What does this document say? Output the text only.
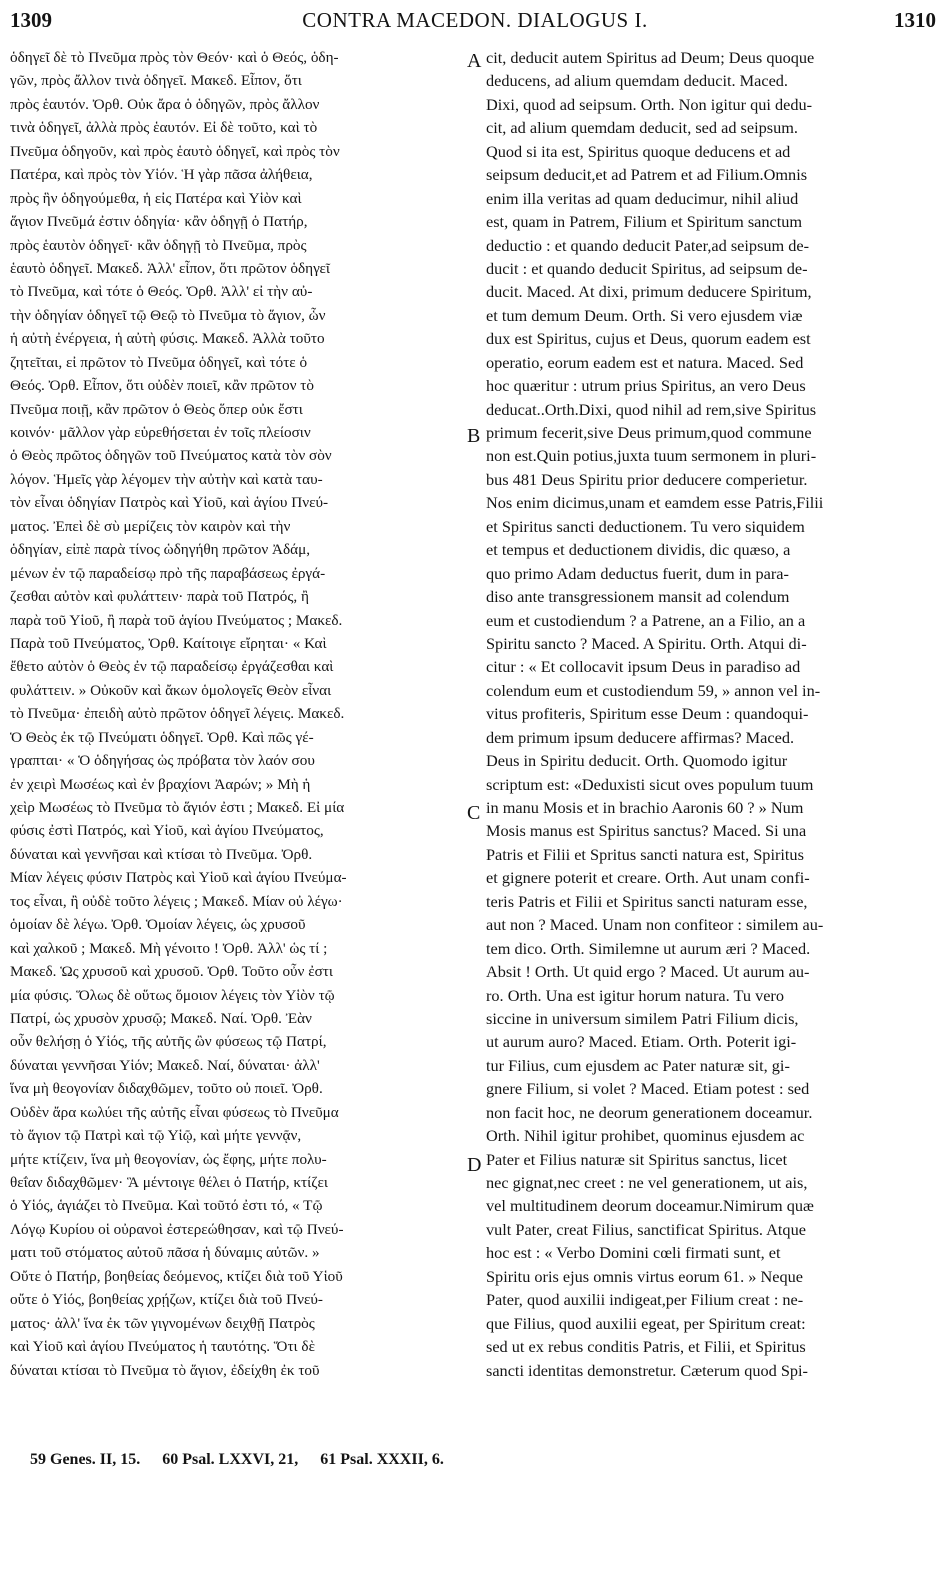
1309	CONTRA MACEDON. DIALOGUS I.	1310
ὁδηγεῖ δὲ τὸ Πνεῦμα πρὸς τὸν Θεόν· καὶ ὁ Θεός, ὁδη-
γῶν, πρὸς ἄλλον τινὰ ὁδηγεῖ. Μακεδ. Εἶπον, ὅτι
πρὸς ἑαυτόν. Ὀρθ. Οὐκ ἄρα ὁ ὁδηγῶν, πρὸς ἄλλον
τινὰ ὁδηγεῖ, ἀλλὰ πρὸς ἑαυτόν. Εἰ δὲ τοῦτο, καὶ τὸ
Πνεῦμα ὁδηγοῦν, καὶ πρὸς ἑαυτὸ ὁδηγεῖ, καὶ πρὸς τὸν
Πατέρα, καὶ πρὸς τὸν Υἱόν. Ἡ γὰρ πᾶσα ἀλήθεια,
πρὸς ἣν ὁδηγούμεθα, ἡ εἰς Πατέρα καὶ Υἱὸν καὶ
ἅγιον Πνεῦμά ἐστιν ὁδηγία· κἂν ὁδηγῇ ὁ Πατήρ,
πρὸς ἑαυτὸν ὁδηγεῖ· κἂν ὁδηγῇ τὸ Πνεῦμα, πρὸς
ἑαυτὸ ὁδηγεῖ. Μακεδ. Ἀλλ' εἶπον, ὅτι πρῶτον ὁδηγεῖ
τὸ Πνεῦμα, καὶ τότε ὁ Θεός. Ὀρθ. Ἀλλ' εἰ τὴν αὐ-
τὴν ὁδηγίαν ὁδηγεῖ τῷ Θεῷ τὸ Πνεῦμα τὸ ἅγιον, ὧν
ἡ αὐτὴ ἐνέργεια, ἡ αὐτὴ φύσις. Μακεδ. Ἀλλὰ τοῦτο
ζητεῖται, εἰ πρῶτον τὸ Πνεῦμα ὁδηγεῖ, καὶ τότε ὁ
Θεός. Ὀρθ. Εἶπον, ὅτι οὐδὲν ποιεῖ, κἂν πρῶτον τὸ
Πνεῦμα ποιῇ, κἂν πρῶτον ὁ Θεὸς ὅπερ οὐκ ἔστι
κοινόν· μᾶλλον γὰρ εὑρεθήσεται ἐν τοῖς πλείοσιν
ὁ Θεὸς πρῶτος ὁδηγῶν τοῦ Πνεύματος κατὰ τὸν σὸν
λόγον. Ἡμεῖς γὰρ λέγομεν τὴν αὐτὴν καὶ κατὰ ταυ-
τὸν εἶναι ὁδηγίαν Πατρὸς καὶ Υἱοῦ, καὶ ἁγίου Πνεύ-
ματος. Ἐπεὶ δὲ σὺ μερίζεις τὸν καιρὸν καὶ τὴν
ὁδηγίαν, εἰπὲ παρὰ τίνος ὡδηγήθη πρῶτον Ἀδάμ,
μένων ἐν τῷ παραδείσῳ πρὸ τῆς παραβάσεως ἐργά-
ζεσθαι αὐτὸν καὶ φυλάττειν· παρὰ τοῦ Πατρός, ἢ
παρὰ τοῦ Υἱοῦ, ἢ παρὰ τοῦ ἁγίου Πνεύματος ; Μακεδ.
Παρὰ τοῦ Πνεύματος, Ὀρθ. Καίτοιγε εἴρηται· « Καὶ
ἔθετο αὐτὸν ὁ Θεὸς ἐν τῷ παραδείσῳ ἐργάζεσθαι καὶ
φυλάττειν. » Οὐκοῦν καὶ ἄκων ὁμολογεῖς Θεὸν εἶναι
τὸ Πνεῦμα· ἐπειδὴ αὐτὸ πρῶτον ὁδηγεῖ λέγεις. Μακεδ.
Ὁ Θεὸς ἐκ τῷ Πνεύματι ὁδηγεῖ. Ὀρθ. Καὶ πῶς γέ-
γραπται· « Ὁ ὁδηγήσας ὡς πρόβατα τὸν λαόν σου
ἐν χειρὶ Μωσέως καὶ ἐν βραχίονι Ἀαρών; » Μὴ ἡ
χεὶρ Μωσέως τὸ Πνεῦμα τὸ ἅγιόν ἐστι ; Μακεδ. Εἰ μία
φύσις ἐστὶ Πατρός, καὶ Υἱοῦ, καὶ ἁγίου Πνεύματος,
δύναται καὶ γεννῆσαι καὶ κτίσαι τὸ Πνεῦμα. Ὀρθ.
Μίαν λέγεις φύσιν Πατρὸς καὶ Υἱοῦ καὶ ἁγίου Πνεύμα-
τος εἶναι, ἢ οὐδὲ τοῦτο λέγεις ; Μακεδ. Μίαν οὐ λέγω·
ὁμοίαν δὲ λέγω. Ὀρθ. Ὁμοίαν λέγεις, ὡς χρυσοῦ
καὶ χαλκοῦ ; Μακεδ. Μὴ γένοιτο ! Ὀρθ. Ἀλλ' ὡς τί ;
Μακεδ. Ὡς χρυσοῦ καὶ χρυσοῦ. Ὀρθ. Τοῦτο οὖν ἐστι
μία φύσις. Ὅλως δὲ οὕτως ὅμοιον λέγεις τὸν Υἱὸν τῷ
Πατρί, ὡς χρυσὸν χρυσῷ; Μακεδ. Ναί. Ὀρθ. Ἐὰν
οὖν θελήσῃ ὁ Υἱός, τῆς αὐτῆς ὢν φύσεως τῷ Πατρί,
δύναται γεννῆσαι Υἱόν; Μακεδ. Ναί, δύναται· ἀλλ'
ἵνα μὴ θεογονίαν διδαχθῶμεν, τοῦτο οὐ ποιεῖ. Ὀρθ.
Οὐδὲν ἄρα κωλύει τῆς αὐτῆς εἶναι φύσεως τὸ Πνεῦμα
τὸ ἅγιον τῷ Πατρὶ καὶ τῷ Υἱῷ, καὶ μήτε γεννᾷν,
μήτε κτίζειν, ἵνα μὴ θεογονίαν, ὡς ἔφης, μήτε πολυ-
θεΐαν διδαχθῶμεν· Ἃ μέντοιγε θέλει ὁ Πατήρ, κτίζει
ὁ Υἱός, ἁγιάζει τὸ Πνεῦμα. Καὶ τοῦτό ἐστι τό, « Τῷ
Λόγῳ Κυρίου οἱ οὐρανοὶ ἐστερεώθησαν, καὶ τῷ Πνεύ-
ματι τοῦ στόματος αὐτοῦ πᾶσα ἡ δύναμις αὐτῶν. »
Οὔτε ὁ Πατήρ, βοηθείας δεόμενος, κτίζει διὰ τοῦ Υἱοῦ
οὔτε ὁ Υἱός, βοηθείας χρῄζων, κτίζει διὰ τοῦ Πνεύ-
ματος· ἀλλ' ἵνα ἐκ τῶν γιγνομένων δειχθῇ Πατρὸς
καὶ Υἱοῦ καὶ ἁγίου Πνεύματος ἡ ταυτότης. Ὅτι δὲ
δύναται κτίσαι τὸ Πνεῦμα τὸ ἅγιον, ἐδείχθη ἐκ τοῦ
cit, deducit autem Spiritus ad Deum; Deus quoque
deducens, ad alium quemdam deducit. Maced.
Dixi, quod ad seipsum. Orth. Non igitur qui dedu-
cit, ad alium quemdam deducit, sed ad seipsum.
Quod si ita est, Spiritus quoque deducens et ad
seipsum deducit,et ad Patrem et ad Filium.Omnis
enim illa veritas ad quam deducimur, nihil aliud
est, quam in Patrem, Filium et Spiritum sanctum
deductio : et quando deducit Pater,ad seipsum de-
ducit : et quando deducit Spiritus, ad seipsum de-
ducit. Maced. At dixi, primum deducere Spiritum,
et tum demum Deum. Orth. Si vero ejusdem viæ
dux est Spiritus, cujus et Deus, quorum eadem est
operatio, eorum eadem est et natura. Maced. Sed
hoc quæritur : utrum prius Spiritus, an vero Deus
deducat..Orth.Dixi, quod nihil ad rem,sive Spiritus
primum fecerit,sive Deus primum,quod commune
non est.Quin potius,juxta tuum sermonem in pluri-
bus 481 Deus Spiritu prior deducere comperietur.
Nos enim dicimus,unam et eamdem esse Patris,Filii
et Spiritus sancti deductionem. Tu vero siquidem
et tempus et deductionem dividis, dic quæso, a
quo primo Adam deductus fuerit, dum in para-
diso ante transgressionem mansit ad colendum
eum et custodiendum ? a Patrene, an a Filio, an a
Spiritu sancto ? Maced. A Spiritu. Orth. Atqui di-
citur : « Et collocavit ipsum Deus in paradiso ad
colendum eum et custodiendum 59, » annon vel in-
vitus profiteris, Spiritum esse Deum : quandoqui-
dem primum ipsum deducere affirmas? Maced.
Deus in Spiritu deducit. Orth. Quomodo igitur
scriptum est: «Deduxisti sicut oves populum tuum
in manu Mosis et in brachio Aaronis 60 ? » Num
Mosis manus est Spiritus sanctus? Maced. Si una
Patris et Filii et Spritus sancti natura est, Spiritus
et gignere poterit et creare. Orth. Aut unam confi-
teris Patris et Filii et Spiritus sancti naturam esse,
aut non ? Maced. Unam non confiteor : similem au-
tem dico. Orth. Similemne ut aurum æri ? Maced.
Absit ! Orth. Ut quid ergo ? Maced. Ut aurum au-
ro. Orth. Una est igitur horum natura. Tu vero
siccine in universum similem Patri Filium dicis,
ut aurum auro? Maced. Etiam. Orth. Poterit igi-
tur Filius, cum ejusdem ac Pater naturæ sit, gi-
gnere Filium, si volet ? Maced. Etiam potest : sed
non facit hoc, ne deorum generationem doceamur.
Orth. Nihil igitur prohibet, quominus ejusdem ac
Pater et Filius naturæ sit Spiritus sanctus, licet
nec gignat,nec creet : ne vel generationem, ut ais,
vel multitudinem deorum doceamur.Nimirum quæ
vult Pater, creat Filius, sanctificat Spiritus. Atque
hoc est : « Verbo Domini cœli firmati sunt, et
Spiritu oris ejus omnis virtus eorum 61. » Neque
Pater, quod auxilii indigeat,per Filium creat : ne-
que Filius, quod auxilii egeat, per Spiritum creat:
sed ut ex rebus conditis Patris, et Filii, et Spiritus
sancti identitas demonstretur. Cæterum quod Spi-
A
B
C
D
59 Genes. II, 15. 60 Psal. LXXVI, 21, 61 Psal. XXXII, 6.
